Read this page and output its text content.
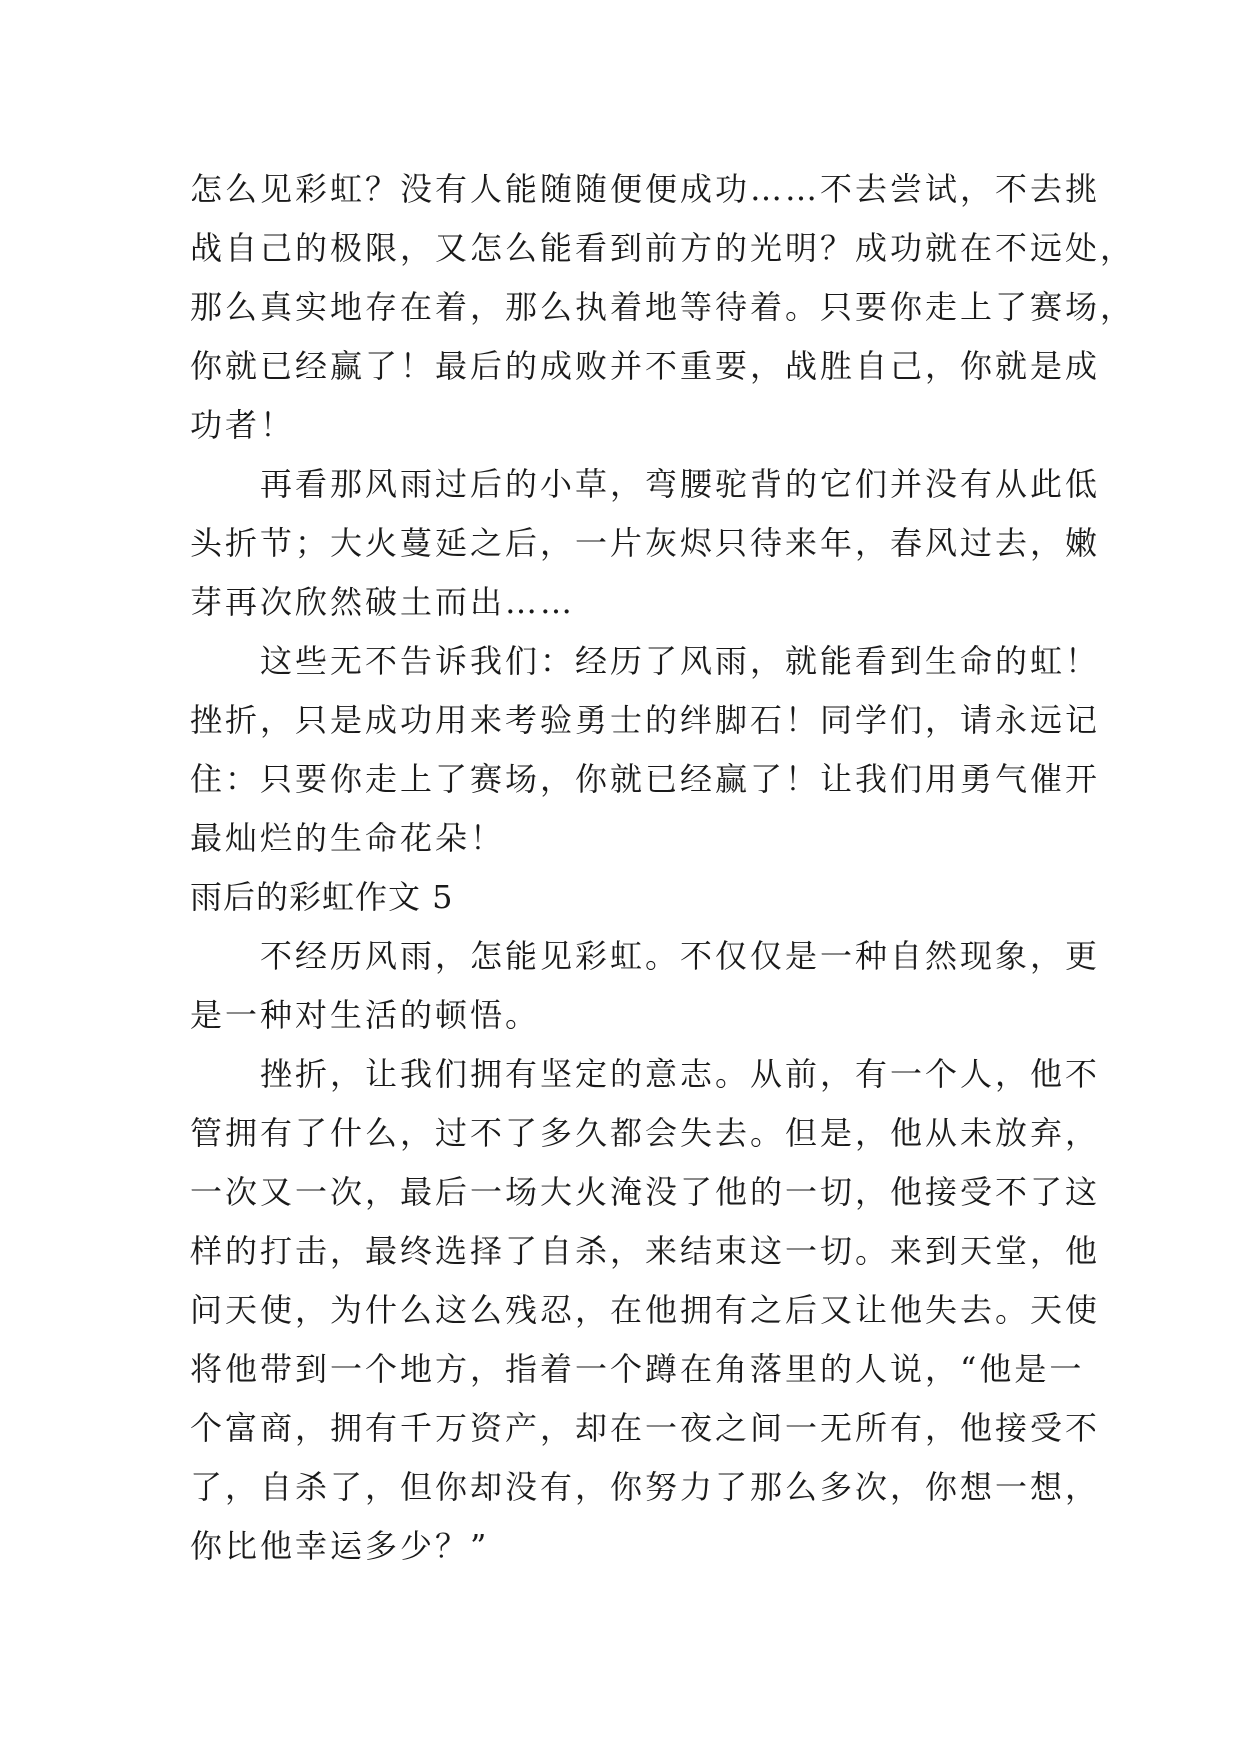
怎么见彩虹？没有人能随随便便成功……不去尝试，不去挑
战自己的极限，又怎么能看到前方的光明？成功就在不远处，
那么真实地存在着，那么执着地等待着。只要你走上了赛场，
你就已经赢了！最后的成败并不重要，战胜自己，你就是成
功者！
　　再看那风雨过后的小草，弯腰驼背的它们并没有从此低
头折节；大火蔓延之后，一片灰烬只待来年，春风过去，嫩
芽再次欣然破土而出……
　　这些无不告诉我们：经历了风雨，就能看到生命的虹！
挫折，只是成功用来考验勇士的绊脚石！同学们，请永远记
住：只要你走上了赛场，你就已经赢了！让我们用勇气催开
最灿烂的生命花朵！
雨后的彩虹作文 5
　　不经历风雨，怎能见彩虹。不仅仅是一种自然现象，更
是一种对生活的顿悟。
　　挫折，让我们拥有坚定的意志。从前，有一个人，他不
管拥有了什么，过不了多久都会失去。但是，他从未放弃，
一次又一次，最后一场大火淹没了他的一切，他接受不了这
样的打击，最终选择了自杀，来结束这一切。来到天堂，他
问天使，为什么这么残忍，在他拥有之后又让他失去。天使
将他带到一个地方，指着一个蹲在角落里的人说，“他是一
个富商，拥有千万资产，却在一夜之间一无所有，他接受不
了，自杀了，但你却没有，你努力了那么多次，你想一想，
你比他幸运多少？”
